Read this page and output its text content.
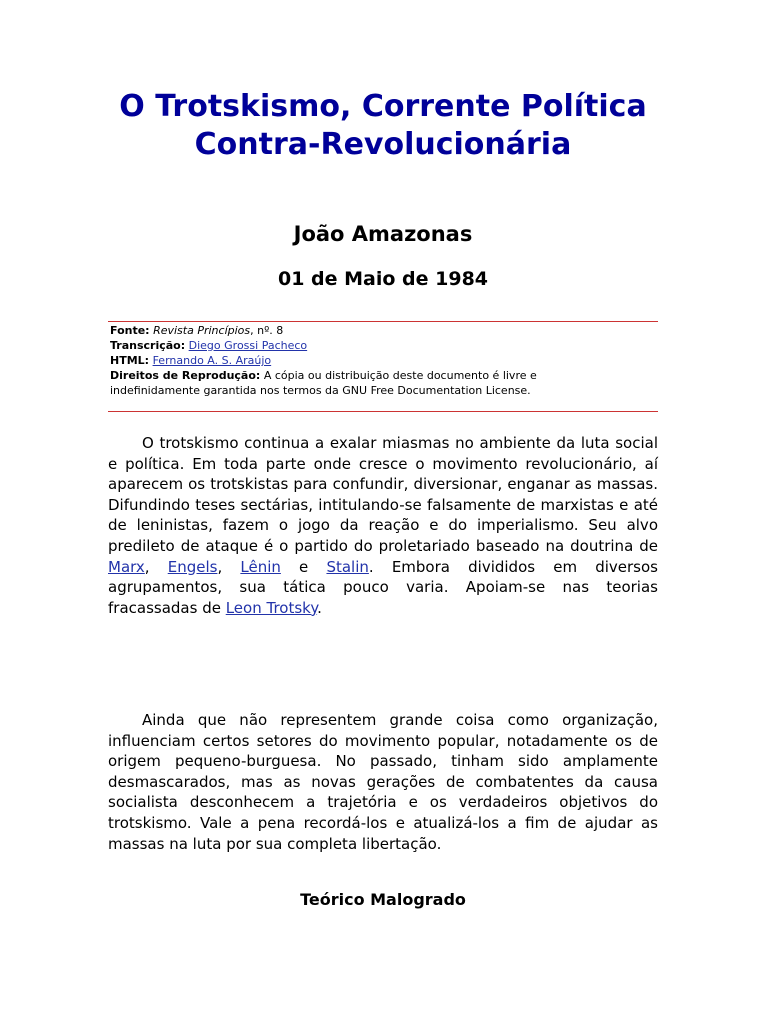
O Trotskismo, Corrente Política Contra-Revolucionária
João Amazonas
01 de Maio de 1984

Fonte: Revista Princípios, nº. 8

Transcrição: Diego Grossi Pacheco

HTML: Fernando A. S. Araújo

Direitos de Reprodução: A cópia ou distribuição deste documento é livre e indefinidamente garantida nos termos da GNU Free Documentation License.

O trotskismo continua a exalar miasmas no ambiente da luta social e política. Em toda parte onde cresce o movimento revolucionário, aí aparecem os trotskistas para confundir, diversionar, enganar as massas. Difundindo teses sectárias, intitulando-se falsamente de marxistas e até de leninistas, fazem o jogo da reação e do imperialismo. Seu alvo predileto de ataque é o partido do proletariado baseado na doutrina de Marx, Engels, Lênin e Stalin. Embora divididos em diversos agrupamentos, sua tática pouco varia. Apoiam-se nas teorias fracassadas de Leon Trotsky.

Ainda que não representem grande coisa como organização, influenciam certos setores do movimento popular, notadamente os de origem pequeno-burguesa. No passado, tinham sido amplamente desmascarados, mas as novas gerações de combatentes da causa socialista desconhecem a trajetória e os verdadeiros objetivos do trotskismo. Vale a pena recordá-los e atualizá-los a fim de ajudar as massas na luta por sua completa libertação.

Teórico Malogrado
